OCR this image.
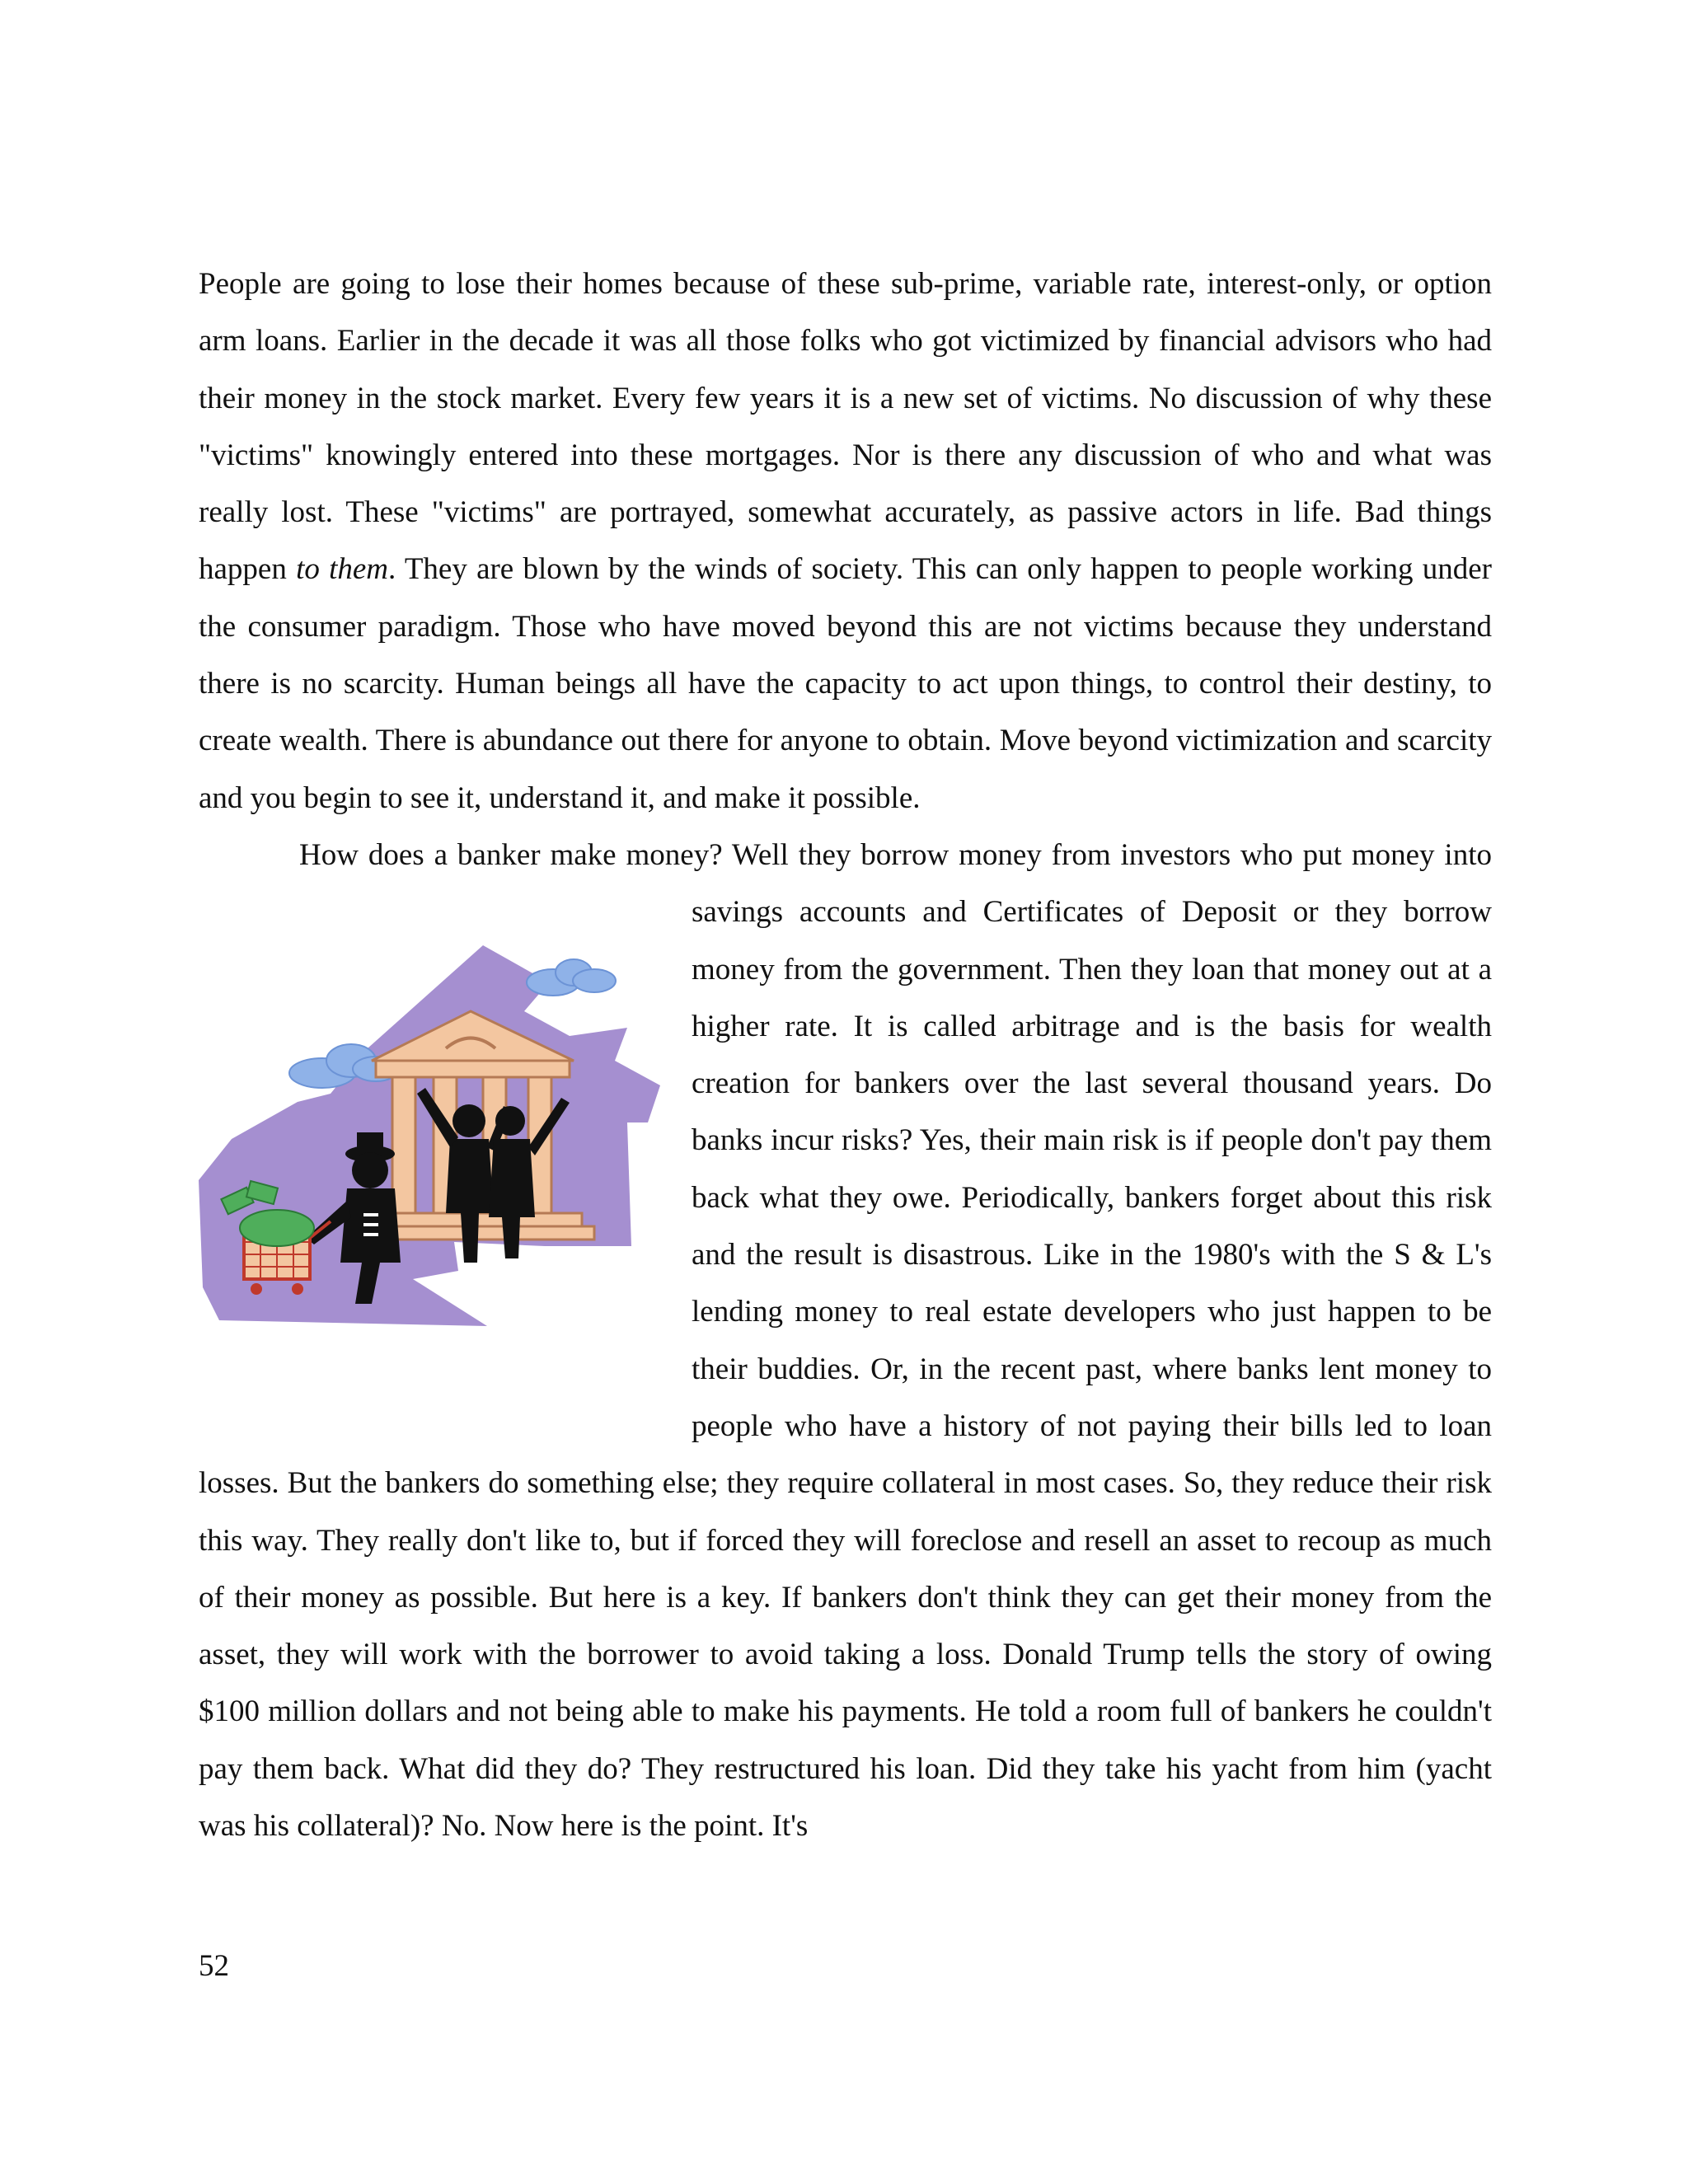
People are going to lose their homes because of these sub-prime, variable rate, interest-only, or option arm loans. Earlier in the decade it was all those folks who got victimized by financial advisors who had their money in the stock market. Every few years it is a new set of victims. No discussion of why these "victims" knowingly entered into these mortgages. Nor is there any discussion of who and what was really lost. These "victims" are portrayed, somewhat accurately, as passive actors in life. Bad things happen to them. They are blown by the winds of society. This can only happen to people working under the consumer paradigm. Those who have moved beyond this are not victims because they understand there is no scarcity. Human beings all have the capacity to act upon things, to control their destiny, to create wealth. There is abundance out there for anyone to obtain. Move beyond victimization and scarcity and you begin to see it, understand it, and make it possible.

How does a banker make money? Well they borrow money from investors who put money into savings accounts and
Certificates of Deposit or they borrow money from the government. Then they loan that money out at a higher rate. It is called arbitrage and is the basis for wealth creation for bankers over the last several thousand years. Do banks incur risks? Yes, their main risk is if people don't pay them back what they owe. Periodically, bankers forget about this risk and the result is disastrous. Like in the 1980's with the S & L's lending money to real estate developers who just happen to be their buddies. Or, in the recent past, where banks lent money to people who have a history of not paying their bills led to loan losses. But the bankers do something else; they require collateral in most cases. So, they reduce their risk this way. They really don't like to, but if forced they will foreclose and resell an asset to recoup as much of their money as possible. But here is a key. If bankers don't think they can get their money from the asset, they will work with the borrower to avoid taking a loss. Donald Trump tells the story of owing $100 million dollars and not being able to make his payments. He told a room full of bankers he couldn't pay them back. What did they do? They restructured his loan. Did they take his yacht from him (yacht was his collateral)? No. Now here is the point. It's

52
